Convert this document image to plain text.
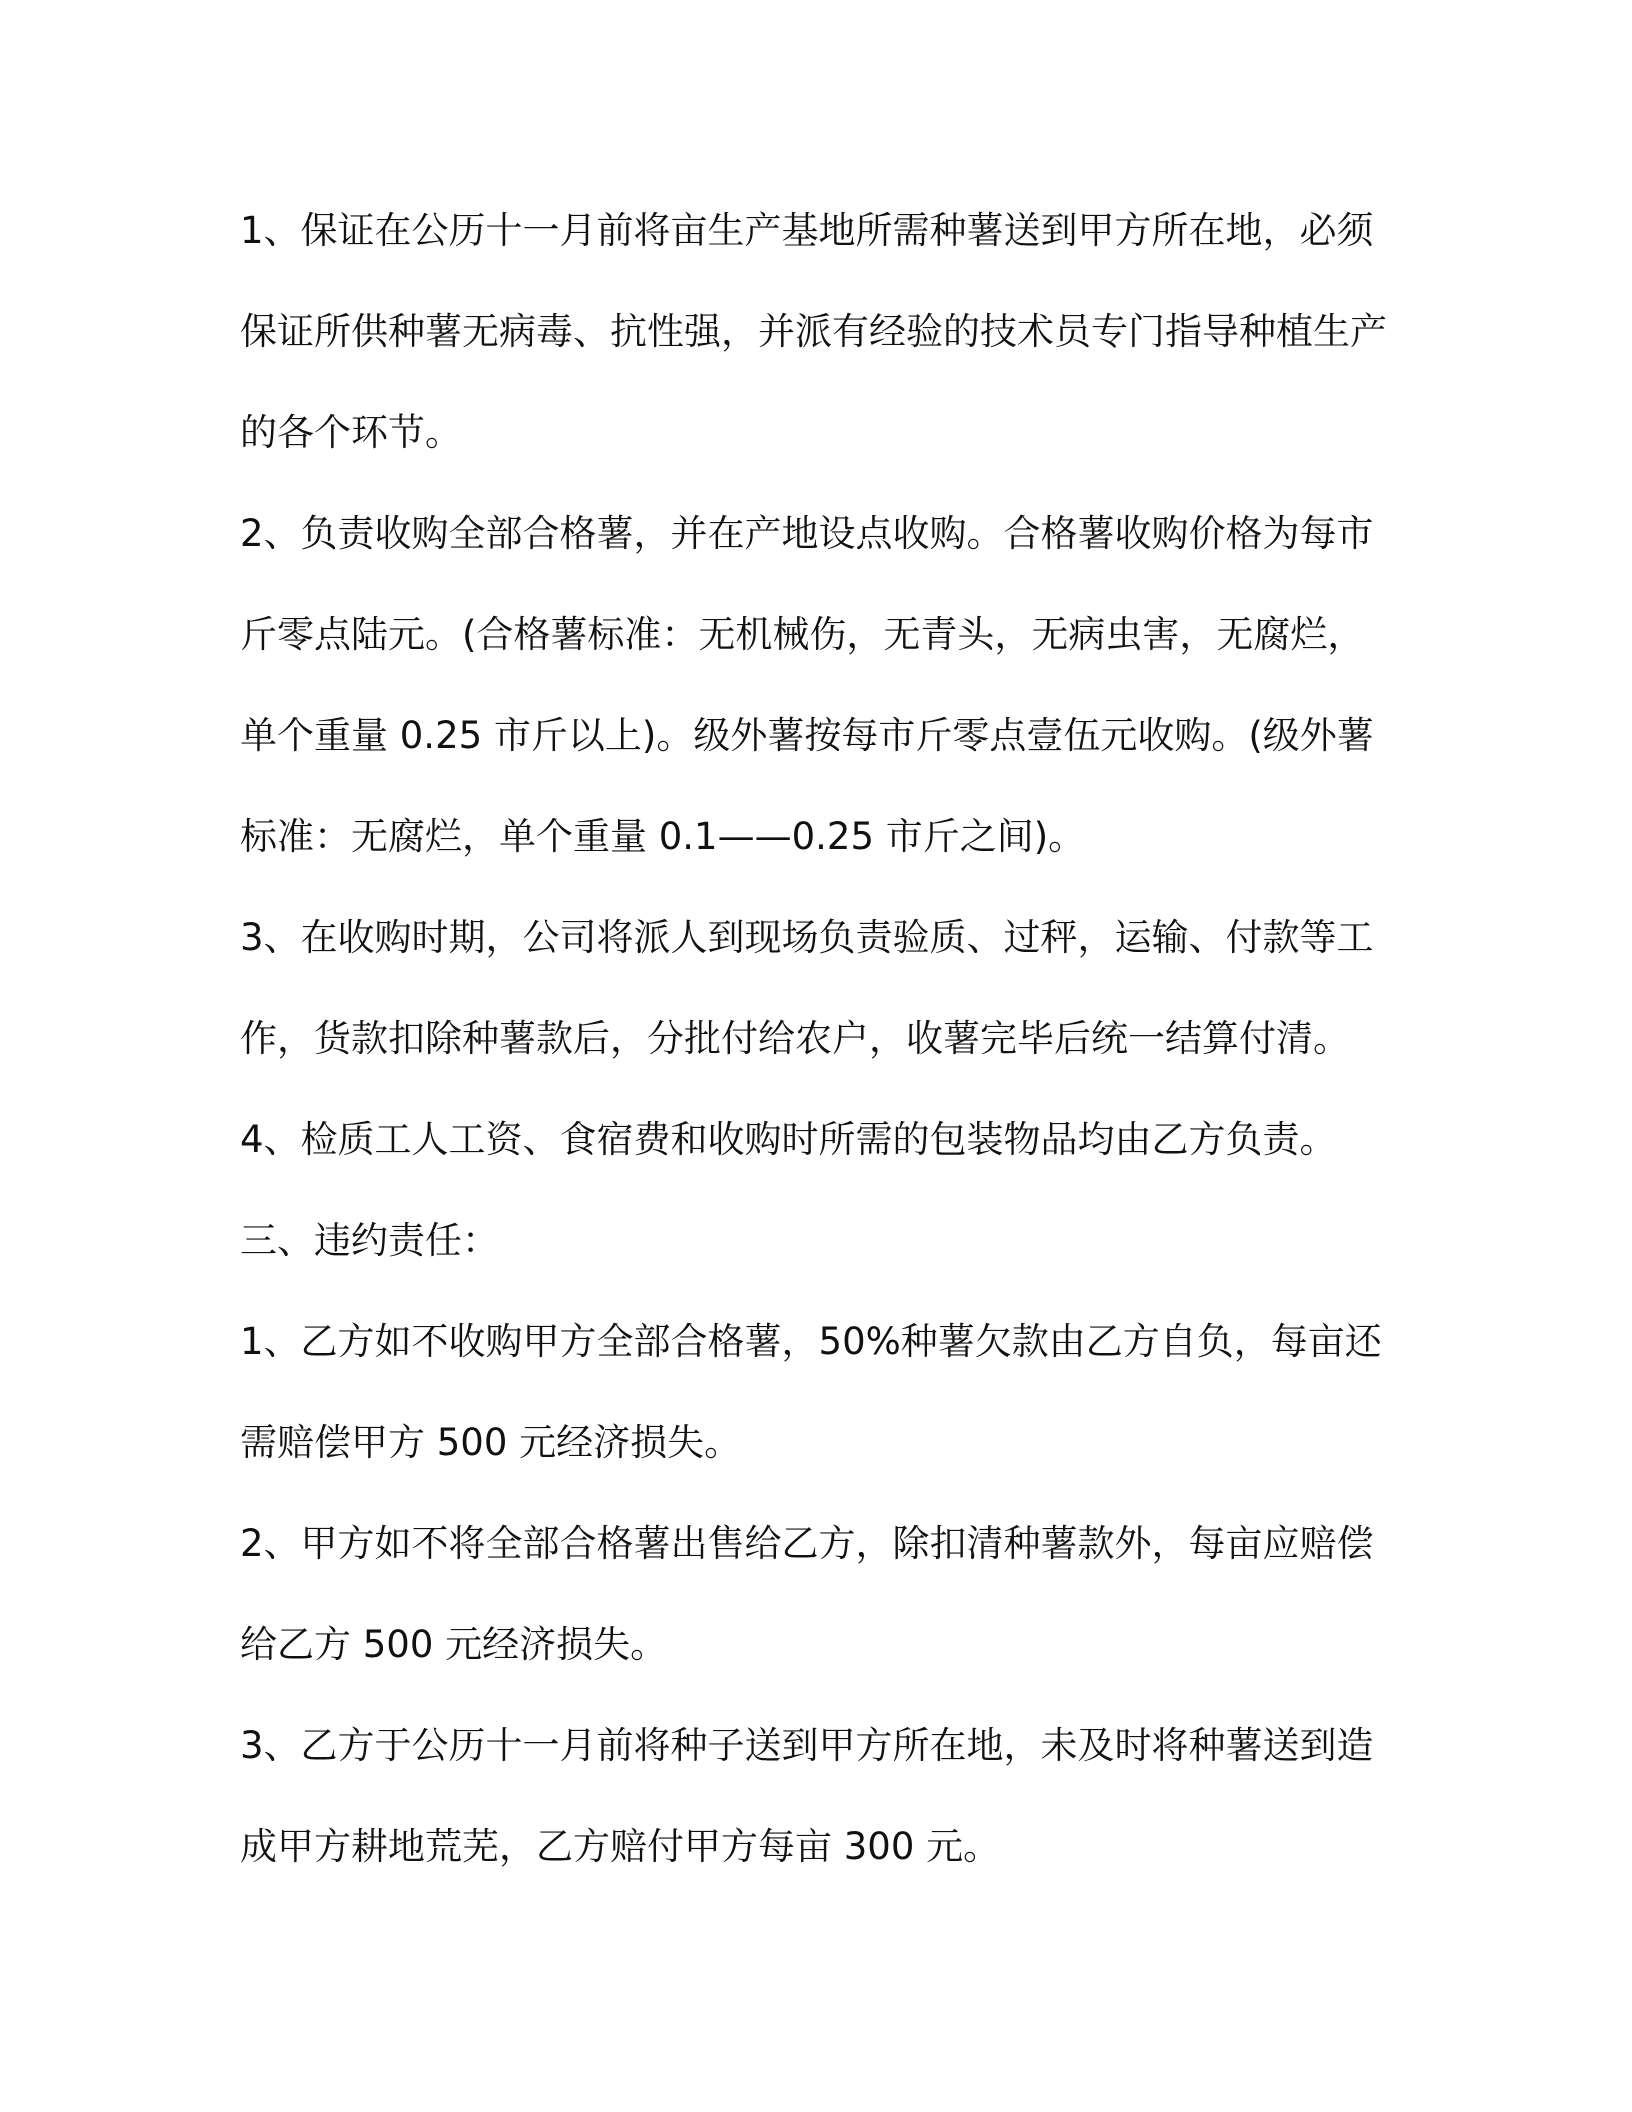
1、保证在公历十一月前将亩生产基地所需种薯送到甲方所在地，必须保证所供种薯无病毒、抗性强，并派有经验的技术员专门指导种植生产的各个环节。

2、负责收购全部合格薯，并在产地设点收购。合格薯收购价格为每市斤零点陆元。(合格薯标准：无机械伤，无青头，无病虫害，无腐烂，单个重量 0.25 市斤以上)。级外薯按每市斤零点壹伍元收购。(级外薯标准：无腐烂，单个重量 0.1——0.25 市斤之间)。

3、在收购时期，公司将派人到现场负责验质、过秤，运输、付款等工作，货款扣除种薯款后，分批付给农户，收薯完毕后统一结算付清。

4、检质工人工资、食宿费和收购时所需的包装物品均由乙方负责。

三、违约责任：

1、乙方如不收购甲方全部合格薯，50%种薯欠款由乙方自负，每亩还需赔偿甲方 500 元经济损失。

2、甲方如不将全部合格薯出售给乙方，除扣清种薯款外，每亩应赔偿给乙方 500 元经济损失。

3、乙方于公历十一月前将种子送到甲方所在地，未及时将种薯送到造成甲方耕地荒芜，乙方赔付甲方每亩 300 元。
